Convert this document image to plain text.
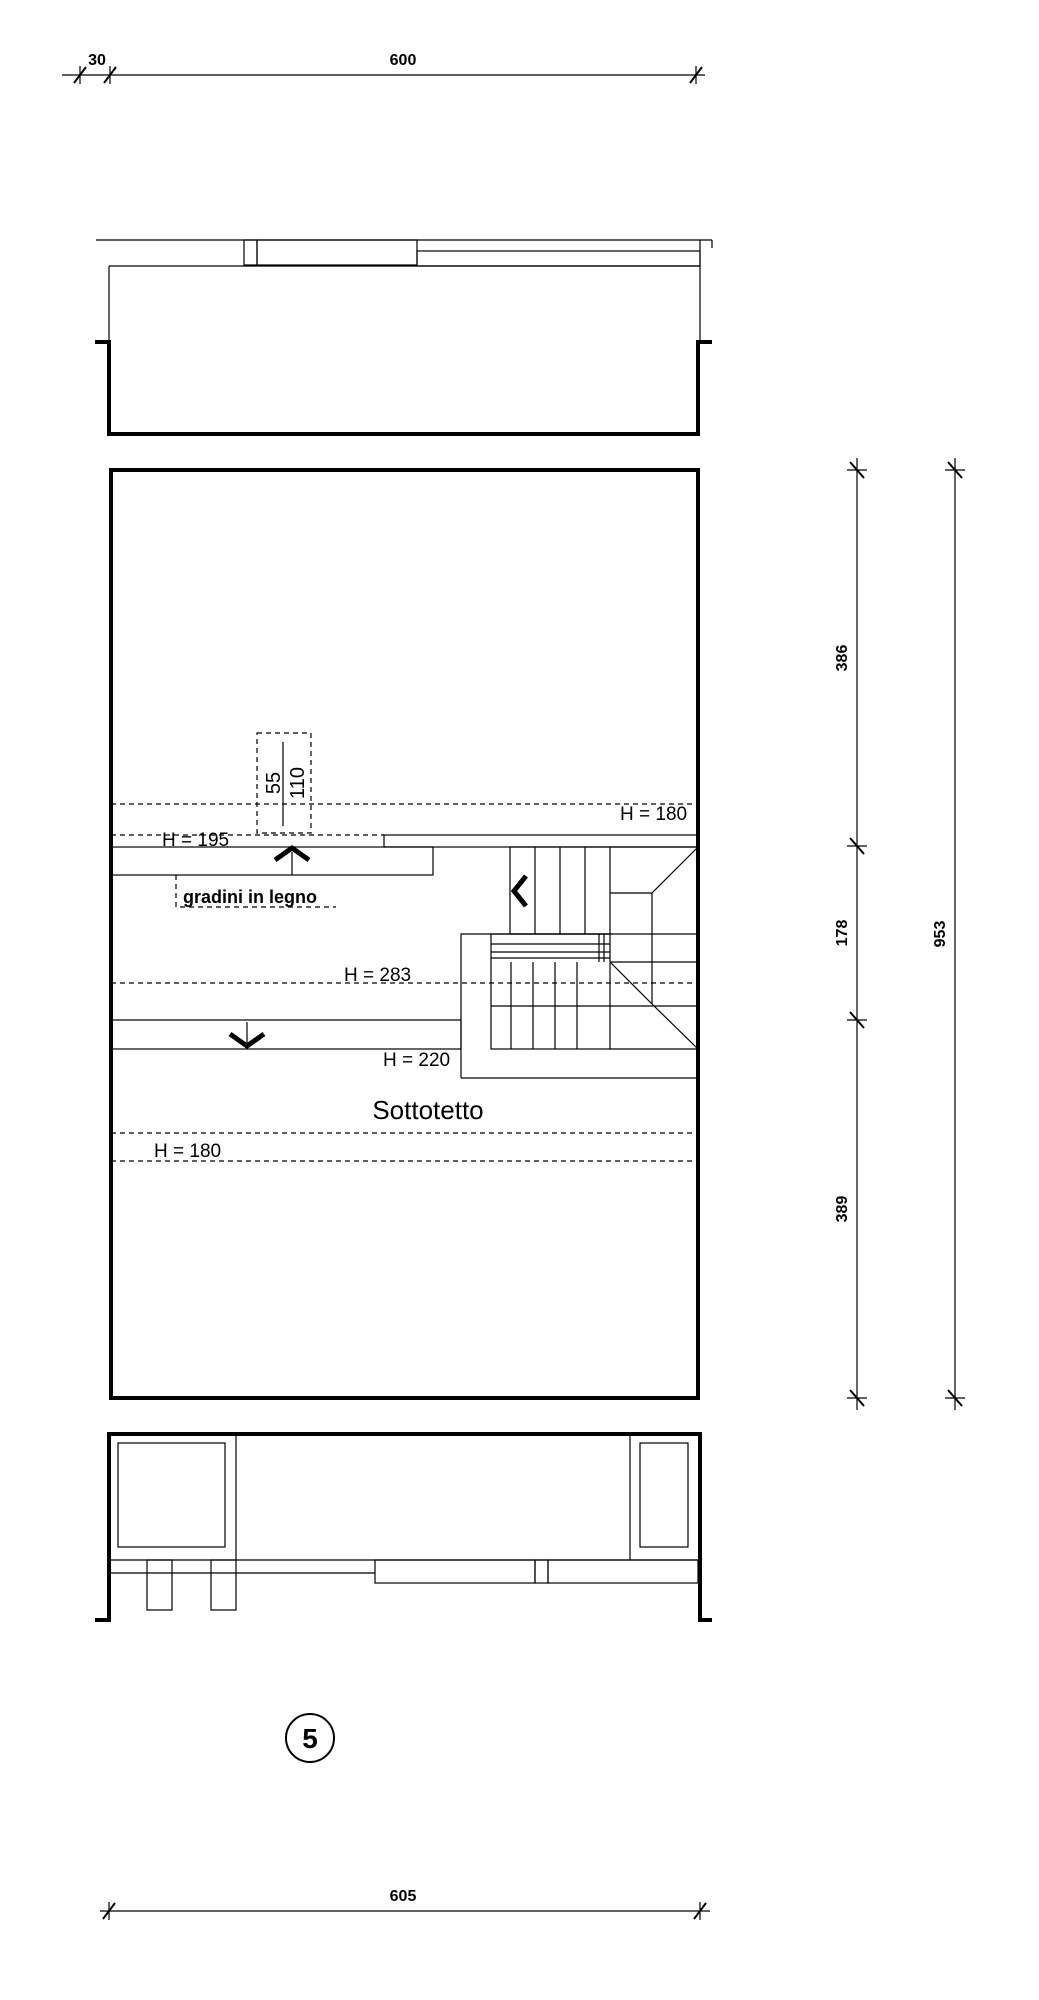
30	600
55 110
gradini in legno
H = 180
H = 195
H = 283
H = 220
H = 180
Sottotetto
386
178
389
953
5
605
